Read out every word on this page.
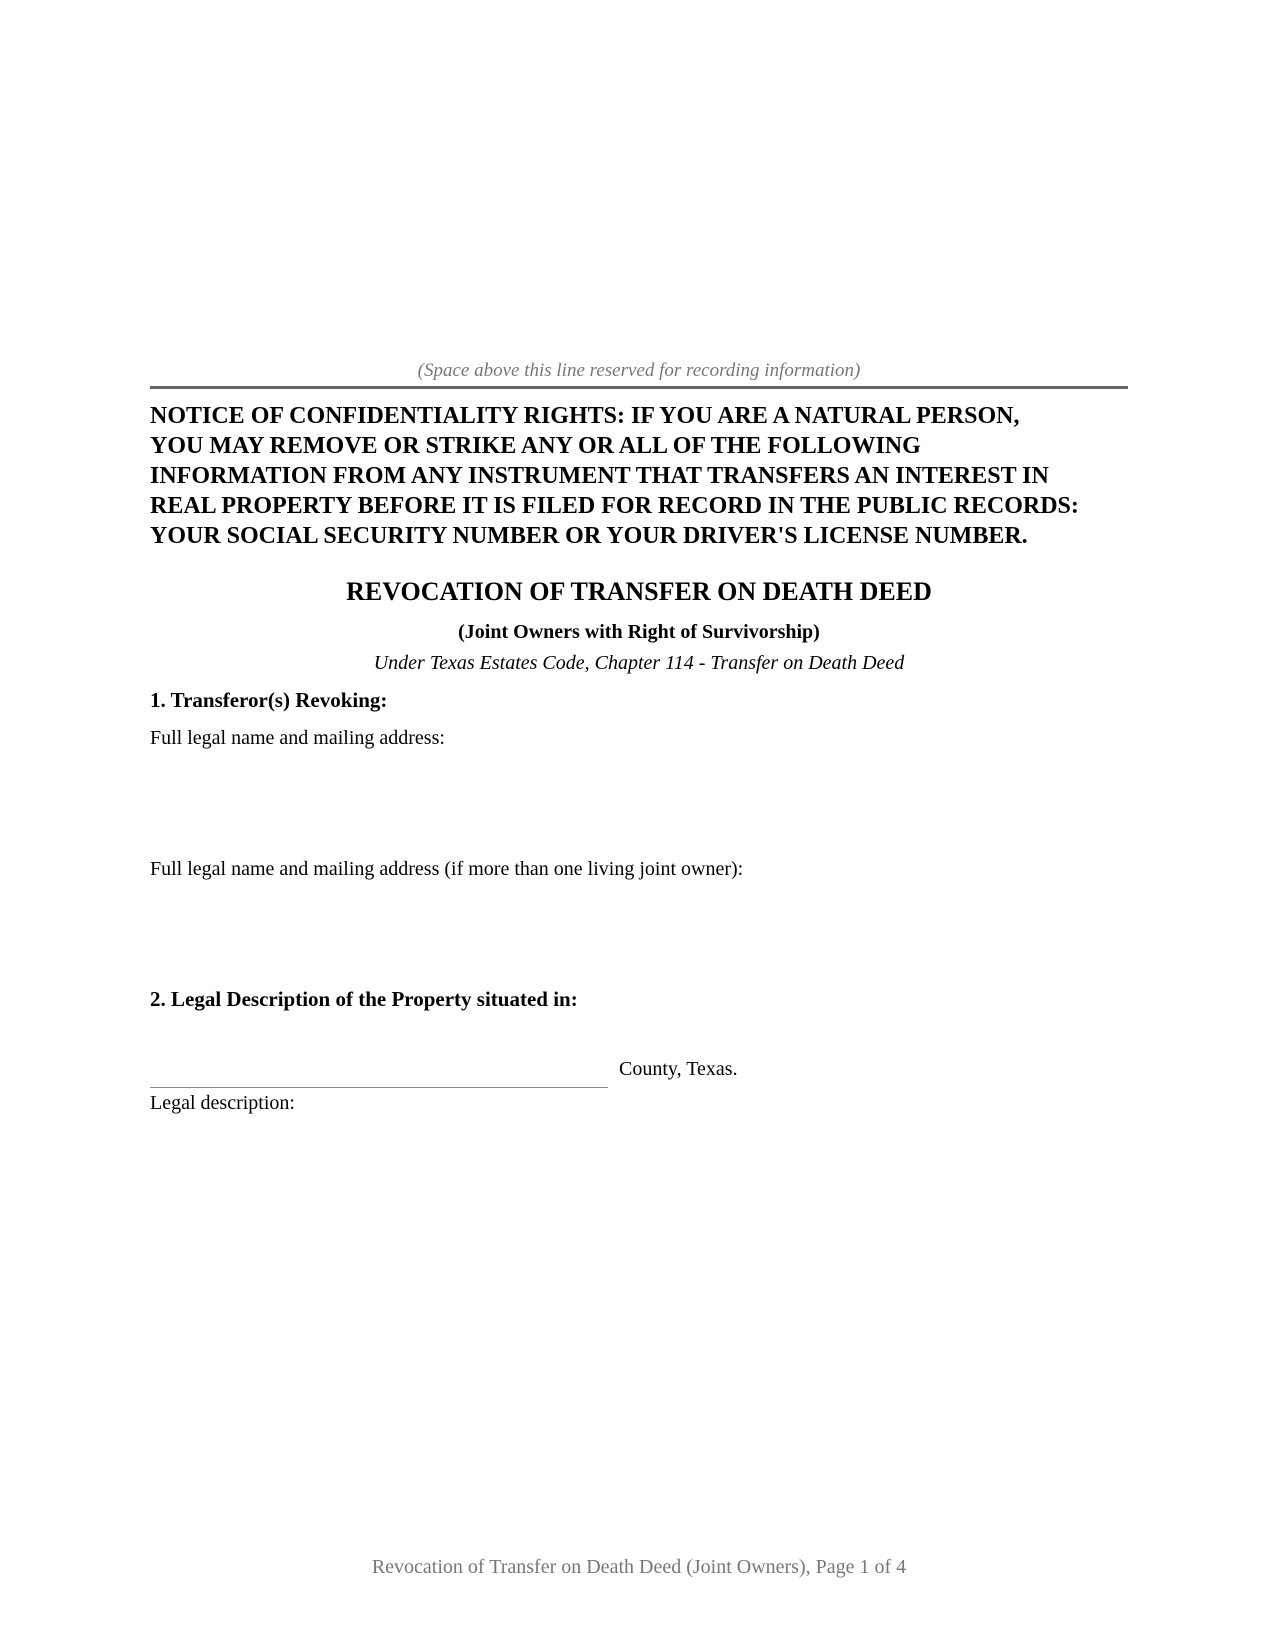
(Space above this line reserved for recording information)
NOTICE OF CONFIDENTIALITY RIGHTS: IF YOU ARE A NATURAL PERSON,
YOU MAY REMOVE OR STRIKE ANY OR ALL OF THE FOLLOWING
INFORMATION FROM ANY INSTRUMENT THAT TRANSFERS AN INTEREST IN
REAL PROPERTY BEFORE IT IS FILED FOR RECORD IN THE PUBLIC RECORDS:
YOUR SOCIAL SECURITY NUMBER OR YOUR DRIVER'S LICENSE NUMBER.
REVOCATION OF TRANSFER ON DEATH DEED
(Joint Owners with Right of Survivorship)
Under Texas Estates Code, Chapter 114 - Transfer on Death Deed
1. Transferor(s) Revoking:
Full legal name and mailing address:
Full legal name and mailing address (if more than one living joint owner):
2. Legal Description of the Property situated in:
County, Texas.
Legal description:
Revocation of Transfer on Death Deed (Joint Owners), Page 1 of 4
